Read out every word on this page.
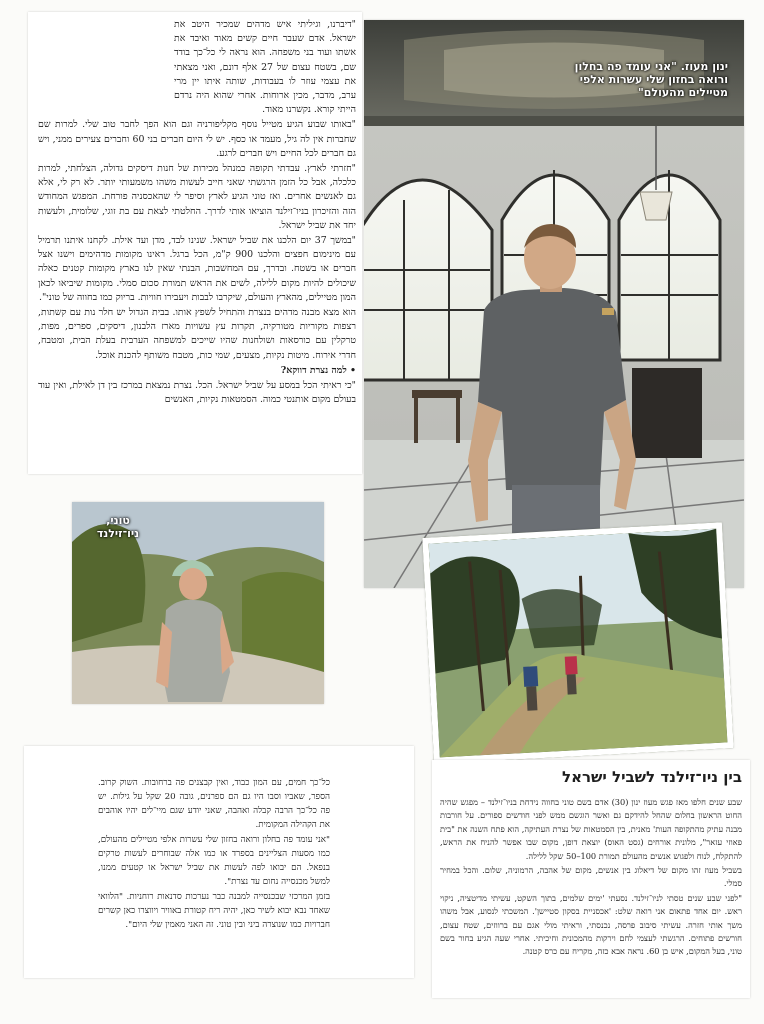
"דיברנו, וגיליתי איש מדהים שמכיר היטב את ישראל. אדם שעבר חיים קשים מאוד ואיבד את אשתו ועוד בני משפחה. הוא נראה לי כל־כך בודד שם, בשטח עצום של 27 אלף דונם, ואני מצאתי את עצמי עוזר לו בעבודות, שותה איתו יין מרי ערב, מדבר, מכין ארוחות. אחרי שהוא היה נרדם הייתי קורא. נקשרנו מאוד.

"באותו שבוע הגיע מטייל נוסף מקליפורניה וגם הוא הפך לחבר טוב שלי. למרות שם שחברות אין לה גיל, מעמד או כסף. יש לי היום חברים בני 60 וחברים צעירים ממני, ויש גם חברים לכל החיים ויש חברים לרגע.

"חזרתי לארץ. עבדתי תקופה כמנהל מכירות של חנות דיסקים גדולה, הצלחתי, למרות כלכלה, אבל כל הזמן הרגשתי שאני חייב לעשות משהו משמעותי יותר. לא רק לי, אלא גם לאנשים אחרים. ואז טוני הגיע לארץ וסיפר לי שהאכסניה פורחת. המפגש המחודש הזה והזיכרון בניו־זילנד הוציאו אותי לדרך. החלטתי לצאת עם בת זוגי, שלומית, ולעשות יחד את שביל ישראל.

"במשך 37 יום הלכנו את שביל ישראל. שנינו לבד, מדן ועד אילת. לקחנו איתנו תרמיל עם מינימום חפצים והלכנו 900 ק"מ, הכל ברגל. ראינו מקומות מדהימים וישנו אצל חברים או בשטח. ובדרך, עם המחשבות, הבנתי שאין לנו בארץ מקומות קטנים כאלה שיכולים להיות מקום ללילה, לשים את הראש תמורת סכום סמלי. מקומות שיביאו לכאן המון מטיילים, מהארץ והעולם, שיקרבו לבבות ויעבירו חוויות. בריוק כמו בחווה של טוני".

הוא מצא מבנה מדהים בנצרת והתחיל לשפץ אותו. בבית הגדול יש חלר נות עם קשתות, רצפות מקוריות מטורקיה, תקרות עץ עשויות מארז הלבנון, דיסקים, ספרים, מפות, טרקלין עם כורסאות ושולחנות שהיו שייכים למשפחה הערבית בעלת הבית, ומטבח, חדרי אירוח. מיטות נקיות, מצעים, שמי כות, מטבח משותף להכנת אוכל.

• למה נצרת דווקא?

"כי ראיתי הכל במסע על שביל ישראל. הכל. נצרת נמצאת במרכז בין דן לאילת, ואין עוד בעולם מקום אותנטי כמוה. הסמטאות נקיות, האנשים

ינון מעוז. "אני עומד פה בחלון ורואה בחזון שלי עשרות אלפי מטיילים מהעולם"
טוני, ניו־זילנד
בין ניו־זילנד לשביל ישראל

שבע שנים חלפו מאז פגש מעוז ינון (30) אדם בשם טוני בחווה נידחת בניו־זילנד – מפגש שהיה החוט הראשון בחלום שהחל להידקם גם ואשר הוגשם ממש לפני חודשים ספורים. על חורבות מבנה עתיק מהתקופה העות' מאנית, בין הסמטאות של נצרת העתיקה, הוא פתח השנה את "בית פאוזי עזאר", מלונית אורחים (גסט האוס) יוצאת דופן, מקום שבו אפשר להניח את הראש, להתקלח, לנוח ולפגוש אנשים מהעולם תמורת 100–50 שקל ללילה.

בשביל מעוז זהו מקום של דיאלוג בין אנשים, מקום של אהבה, הרמוניה, שלום. והכל במחיר סמלי.

"לפני שבע שנים טסתי לניו־זילנד. נסעתי 'ימים שלמים, בתוך השקט, עשיתי מדיטציה, ניקוי ראש. יום אחד פתאום אני רואה שלט: 'אכסניית בסקון סטיישן'. המשכתי לנסוע, אבל משהו משך אותי חזרה. עשיתי סיבוב פרסה, נכנסתי, וראיתי מולי אגם עם ברווזים, שטח עצום, חורשים פתוחים. הרגשתי לעצמי לחם וירקות מהמכונית וחיכיתי. אחרי שעה הגיע בחור בשם טוני, בעל המקום, איש בן 60. נראה אבא כזה, מקריח עם כרס קטנה.

כל־כך חמים, עם המון כבוד, ואין קבצנים פה ברחובות. השוק קרוב. הספר, שאביו וסבו היו גם הם ספרנים, גובה 20 שקל על גילות. יש פה כל־כך הרבה קבלה ואהבה, שאני יודע שגם מיי־לים יהיו אוהבים את הקהילה המקומית.

"אני עומד פה בחלון ורואה בחזון שלי עשרות אלפי מטיילים מהעולם, כמו מסעות הצליינים בספרד או כמו אלה שבוחרים לעשות טרקים בנפאל. הם יבואו לפה לעשות את שביל ישראל או קטעים ממנו, למשל מכנסייה נחום עד נצרת".

בזמן המרכזי שבכנסייה למבנה כבר נערכות סדנאות רוחניות. "הלוואי שאחד נבא יבוא לשיר כאן, יהיה ריח קטורת באוויר ויווצרו כאן קשרים חברויות כמו שנוצרה ביני ובין טוני. זה האני מאמין שלי היום".
